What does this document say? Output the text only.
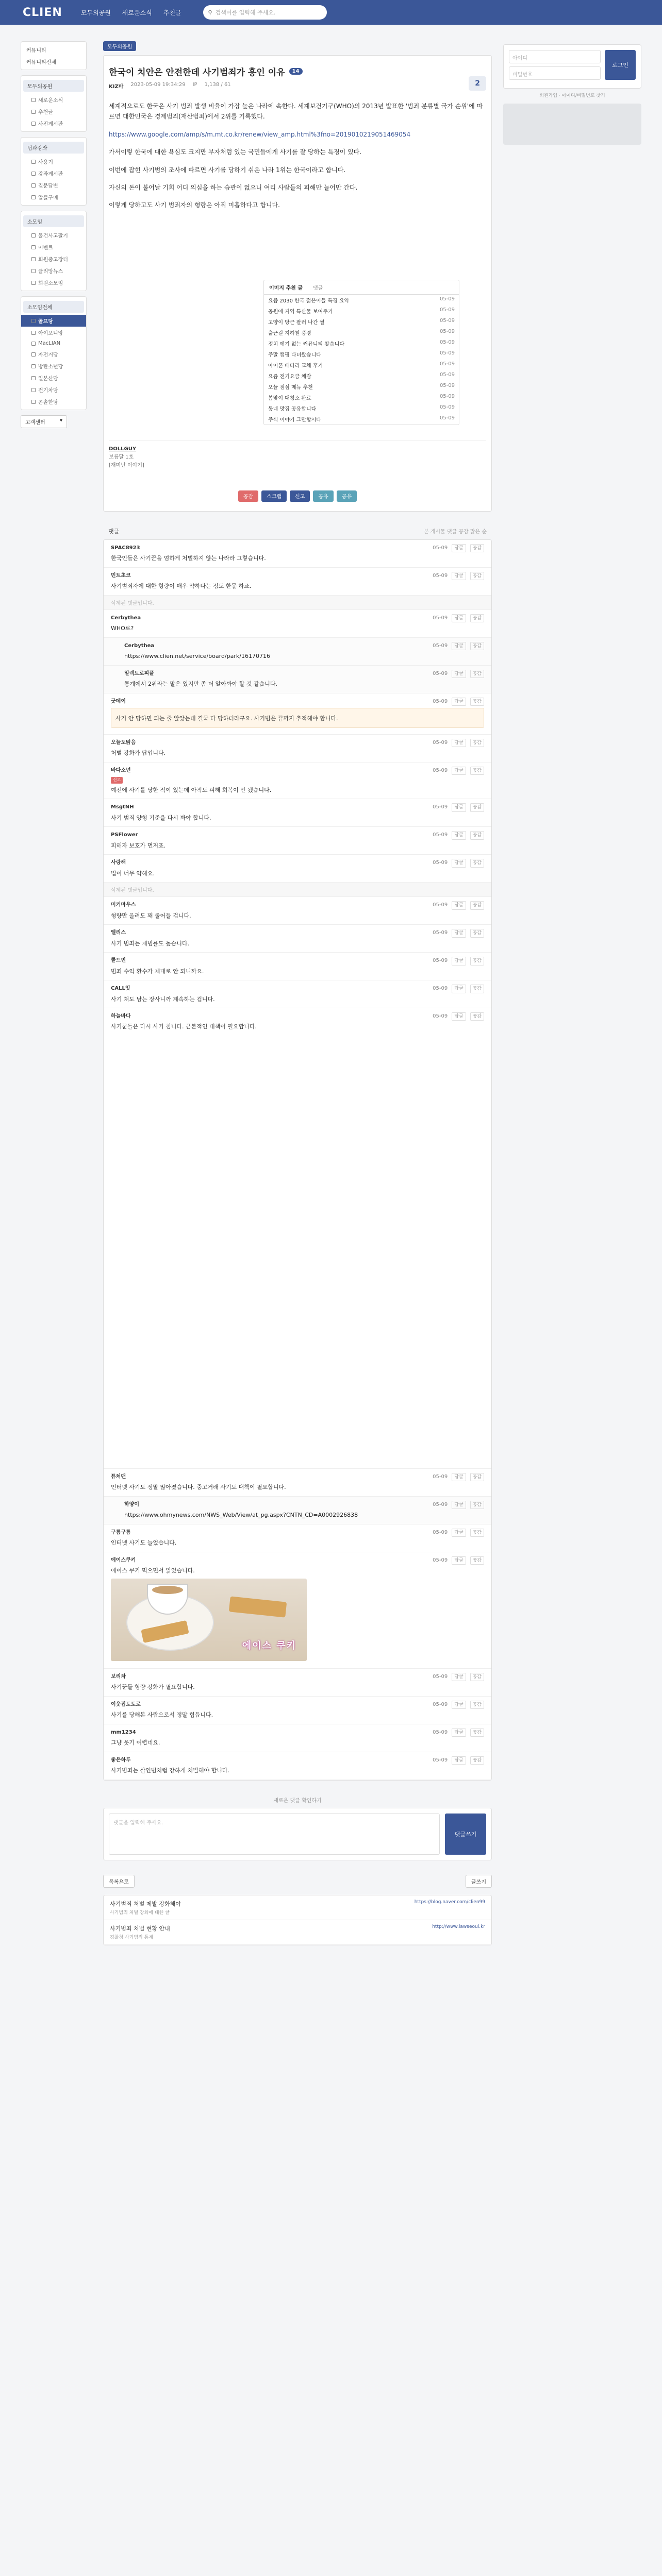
CLIEN	모두의공원 새로운소식 추천글	⚲ 검색어를 입력해 주세요.
커뮤니티
커뮤니티전체
모두의공원
새로운소식
추천글
사진게시판
팁과강좌
사용기
강좌게시판
질문답변
알뜰구매
소모임
물건사고팔기
이벤트
회원중고장터
클리앙뉴스
회원소모임
소모임전체
골프당
아이포니앙
MacLIAN
자전거당
방탄소년당
일본산당
전기차당
콘솔한당
고객센터	▾
아이디
비밀번호
로그인
회원가입 · 아이디/비밀번호 찾기
모두의공원
한국이 치안은 안전한데 사기범죄가 흥인 이유	14
KIZ바 2023-05-09 19:34:29 IP 1,138 / 61	2

세계적으로도 한국은 사기 범죄 발생 비율이 가장 높은 나라에 속한다. 세계보건기구(WHO)의 2013년 발표한 '범죄 분류별 국가 순위'에 따르면 대한민국은 경제범죄(재산범죄)에서 2위를 기록했다.

https://www.google.com/amp/s/m.mt.co.kr/renew/view_amp.html%3fno=2019010219051469054

가서이렇 한국에 대한 욕심도 크지만 부자처럼 있는 국민들에게 사기를 잘 당하는 특징이 있다.

이번에 잡힌 사기범의 조사에 따르면 사기를 당하기 쉬운 나라 1위는 한국이라고 합니다.

자신의 돈이 불어날 기회 어디 의심을 하는 습관이 없으니 여리 사람들의 피해만 늘어만 간다.

이렇게 당하고도 사기 범죄자의 형량은 아직 미흡하다고 합니다.

이미지 추천 글	댓글
요즘 2030 한국 젊은이들 특징 요약	05-09
공원에 지역 특산물 보여주기	05-09
고양이 당근 팔러 나간 썰	05-09
출근길 지하철 풍경	05-09
정치 얘기 없는 커뮤니티 찾습니다	05-09
주말 캠핑 다녀왔습니다	05-09
아이폰 배터리 교체 후기	05-09
요즘 전기요금 체감	05-09
오늘 점심 메뉴 추천	05-09
봄맞이 대청소 완료	05-09
동네 맛집 공유합니다	05-09
주식 이야기 그만합시다	05-09
DOLLGUY
보름달 1호
[재미난 이야기]
공감	스크랩	신고	공유	공유
댓글	본 게시물 댓글 공감 많은 순
SPAC8923	05-09	답글	공감
한국인들은 사기꾼을 엄하게 처벌하지 않는 나라라 그렇습니다.
민트초코	05-09	답글	공감
사기범죄자에 대한 형량이 매우 약하다는 점도 한몫 하죠.
삭제된 댓글입니다.
Cerbythea	05-09	답글	공감
WHO로?
Cerbythea	05-09	답글	공감
https://www.clien.net/service/board/park/16170716
일렉트로피플	05-09	답글	공감
통계에서 2위라는 말은 있지만 좀 더 알아봐야 할 것 같습니다.
굿데이	05-09	답글	공감
사기 안 당하면 되는 줄 알았는데 결국 다 당하더라구요. 사기범은 끝까지 추적해야 합니다.
오늘도맑음	05-09	답글	공감
처벌 강화가 답입니다.
바다소년	05-09	답글	공감
신고
예전에 사기를 당한 적이 있는데 아직도 피해 회복이 안 됐습니다.
MsgtNH	05-09	답글	공감
사기 범죄 양형 기준을 다시 봐야 합니다.
PSFlower	05-09	답글	공감
피해자 보호가 먼저죠.
사랑해	05-09	답글	공감
법이 너무 약해요.
삭제된 댓글입니다.
미키마우스	05-09	답글	공감
형량만 올려도 꽤 줄어들 겁니다.
엘리스	05-09	답글	공감
사기 범죄는 재범률도 높습니다.
콜드빈	05-09	답글	공감
범죄 수익 환수가 제대로 안 되니까요.
CALL잇	05-09	답글	공감
사기 쳐도 남는 장사니까 계속하는 겁니다.
하늘바다	05-09	답글	공감
사기꾼들은 다시 사기 칩니다. 근본적인 대책이 필요합니다.
퓨처맨	05-09	답글	공감
인터넷 사기도 정말 많아졌습니다. 중고거래 사기도 대책이 필요합니다.
하양이	05-09	답글	공감
https://www.ohmynews.com/NWS_Web/View/at_pg.aspx?CNTN_CD=A0002926838
구름구름	05-09	답글	공감
인터넷 사기도 늘었습니다.
에이스쿠키	05-09	답글	공감
에이스 쿠키 먹으면서 읽었습니다.
에이스 쿠키
보리차	05-09	답글	공감
사기꾼들 형량 강화가 필요합니다.
이웃집토토로	05-09	답글	공감
사기를 당해본 사람으로서 정말 힘듭니다.
mm1234	05-09	답글	공감
그냥 웃기 어렵네요.
좋은하루	05-09	답글	공감
사기범죄는 살인범처럼 강하게 처벌해야 합니다.
새로운 댓글 확인하기
댓글을 입력해 주세요.
댓글쓰기
목록으로	글쓰기
사기범죄 처벌 제발 강화해야
사기범죄 처벌 강화에 대한 글
https://blog.naver.com/clien99
사기범죄 처벌 현황 안내
경찰청 사기범죄 통계
http://www.lawseoul.kr
